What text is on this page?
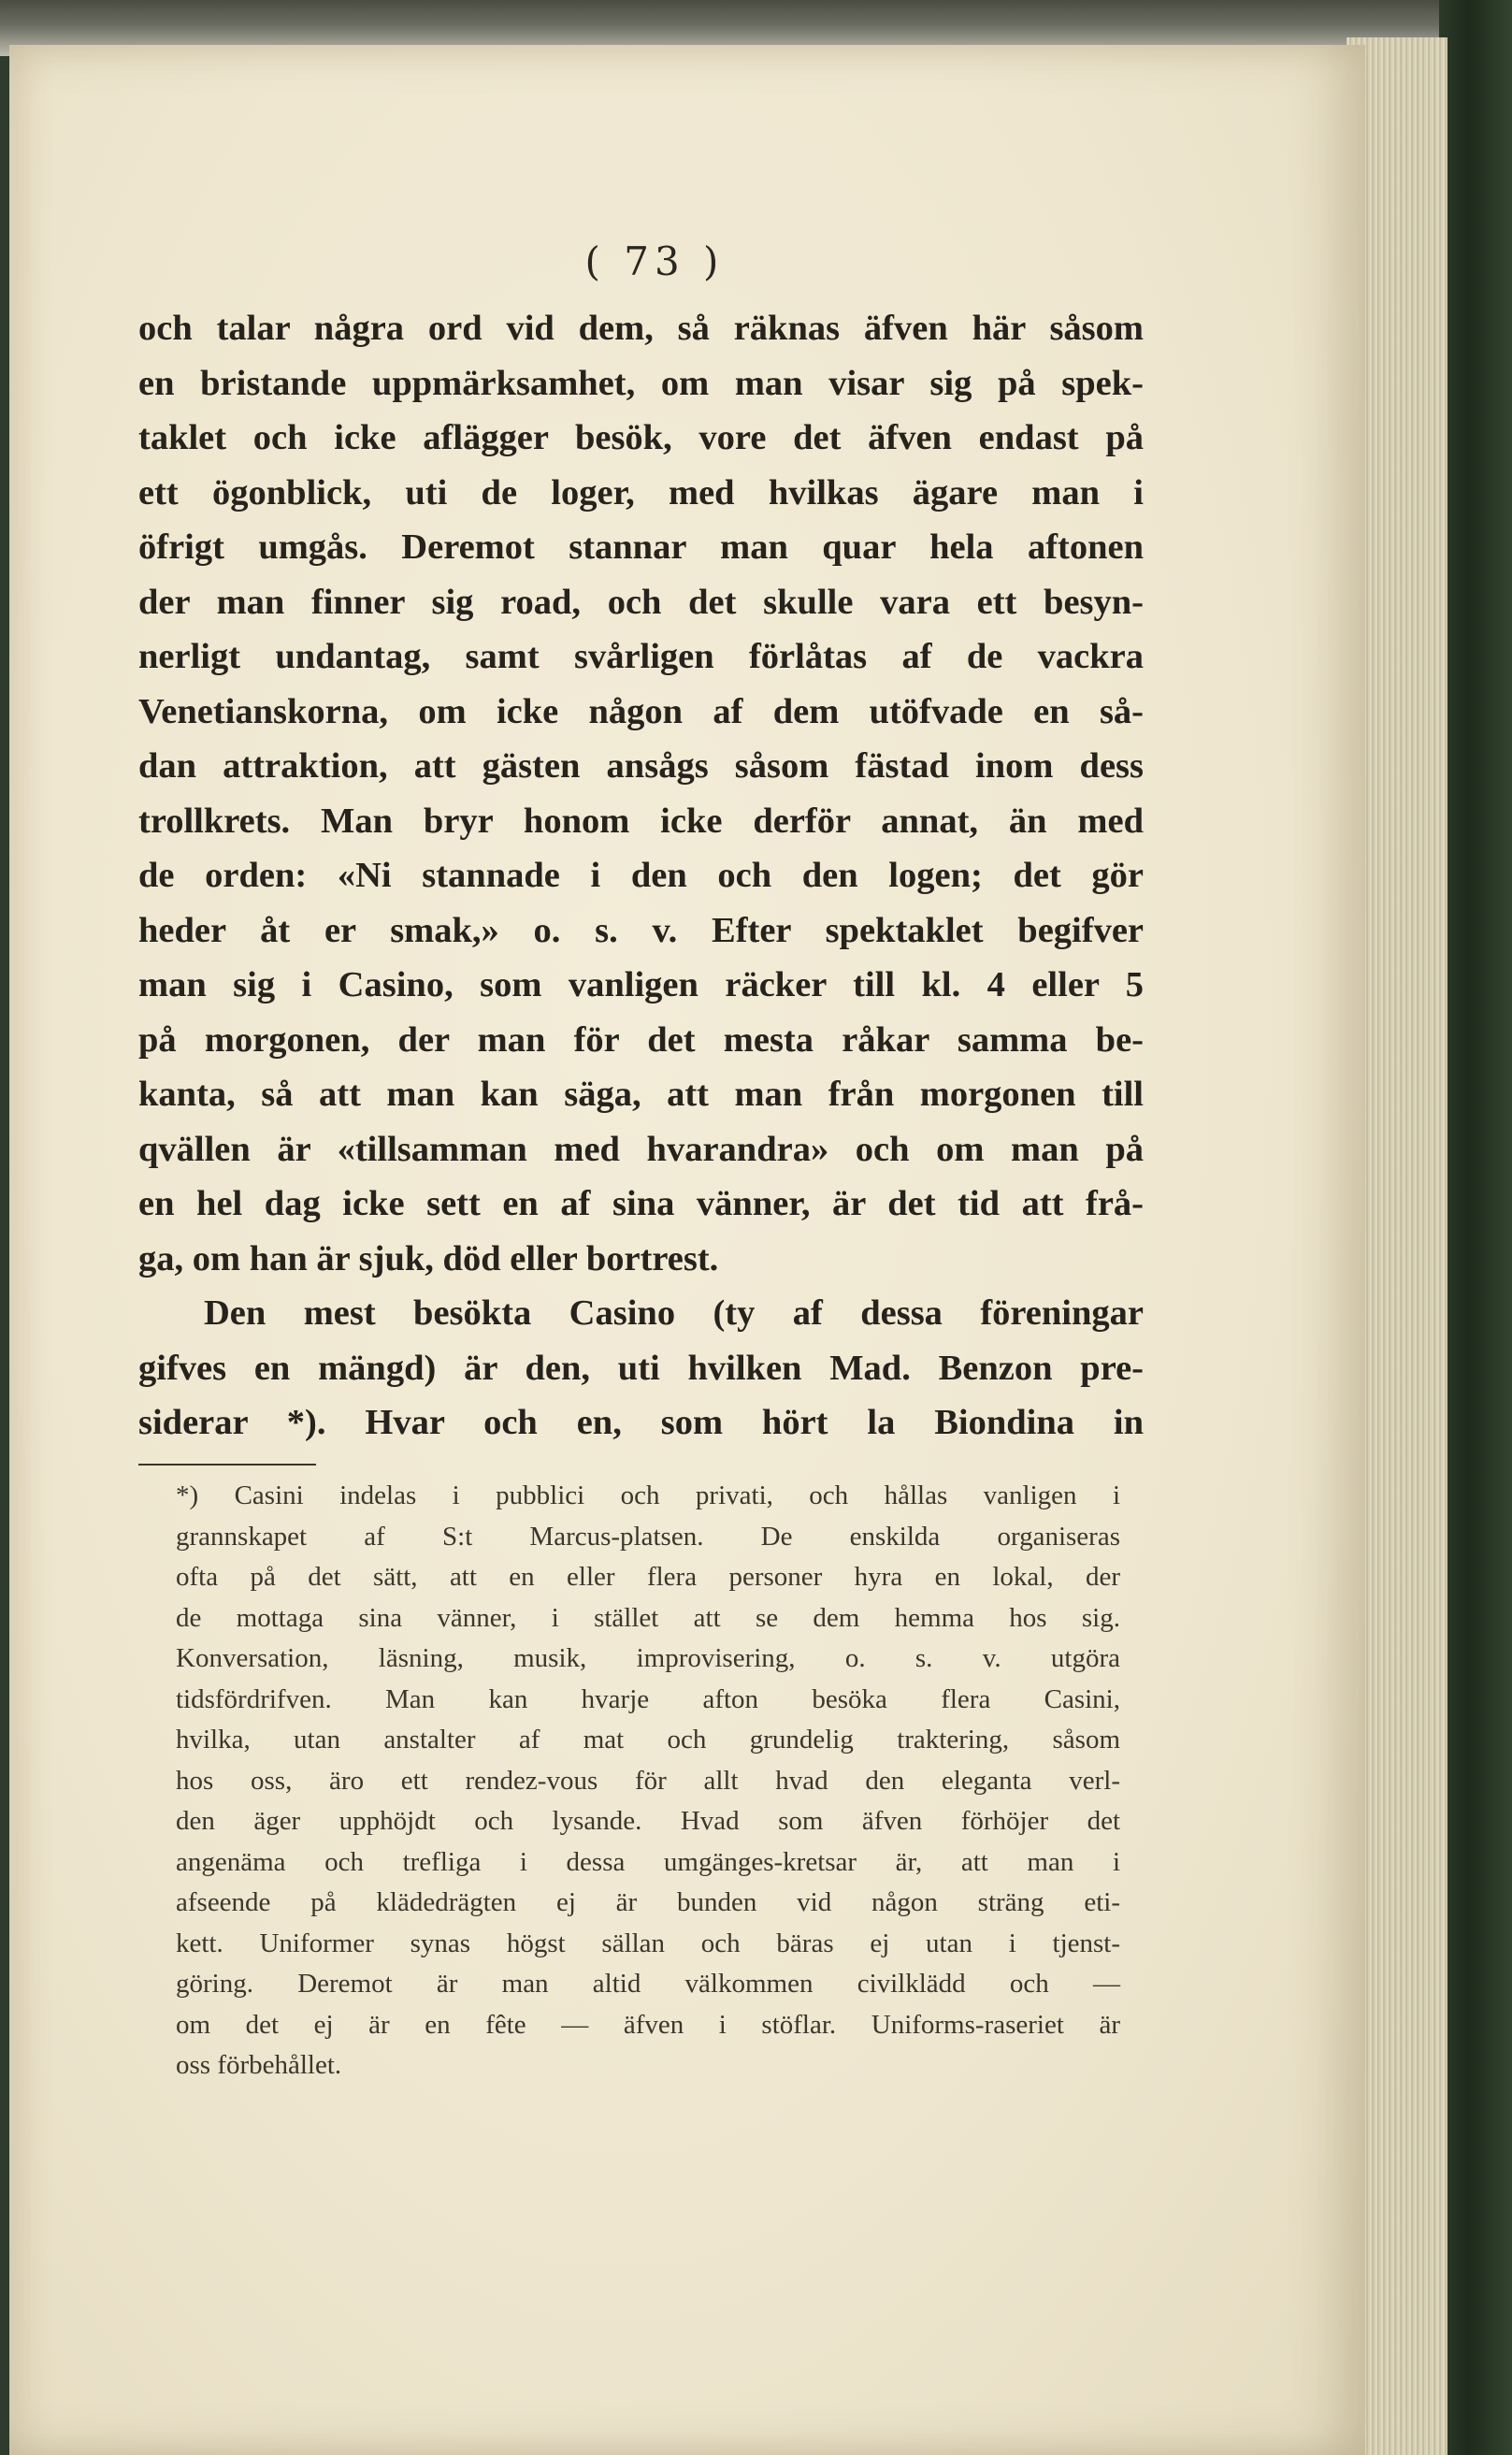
( 73 )
och talar några ord vid dem, så räknas äfven här såsom
en bristande uppmärksamhet, om man visar sig på spek-
taklet och icke aflägger besök, vore det äfven endast på
ett ögonblick, uti de loger, med hvilkas ägare man i
öfrigt umgås. Deremot stannar man quar hela aftonen
der man finner sig road, och det skulle vara ett besyn-
nerligt undantag, samt svårligen förlåtas af de vackra
Venetianskorna, om icke någon af dem utöfvade en så-
dan attraktion, att gästen ansågs såsom fästad inom dess
trollkrets. Man bryr honom icke derför annat, än med
de orden: «Ni stannade i den och den logen; det gör
heder åt er smak,» o. s. v. Efter spektaklet begifver
man sig i Casino, som vanligen räcker till kl. 4 eller 5
på morgonen, der man för det mesta råkar samma be-
kanta, så att man kan säga, att man från morgonen till
qvällen är «tillsamman med hvarandra» och om man på
en hel dag icke sett en af sina vänner, är det tid att frå-
ga, om han är sjuk, död eller bortrest.
Den mest besökta Casino (ty af dessa föreningar
gifves en mängd) är den, uti hvilken Mad. Benzon pre-
siderar *). Hvar och en, som hört la Biondina in
*) Casini indelas i pubblici och privati, och hållas vanligen i
grannskapet af S:t Marcus-platsen. De enskilda organiseras
ofta på det sätt, att en eller flera personer hyra en lokal, der
de mottaga sina vänner, i stället att se dem hemma hos sig.
Konversation, läsning, musik, improvisering, o. s. v. utgöra
tidsfördrifven. Man kan hvarje afton besöka flera Casini,
hvilka, utan anstalter af mat och grundelig traktering, såsom
hos oss, äro ett rendez-vous för allt hvad den eleganta verl-
den äger upphöjdt och lysande. Hvad som äfven förhöjer det
angenäma och trefliga i dessa umgänges-kretsar är, att man i
afseende på klädedrägten ej är bunden vid någon sträng eti-
kett. Uniformer synas högst sällan och bäras ej utan i tjenst-
göring. Deremot är man altid välkommen civilklädd och —
om det ej är en fête — äfven i stöflar. Uniforms-raseriet är
oss förbehållet.
